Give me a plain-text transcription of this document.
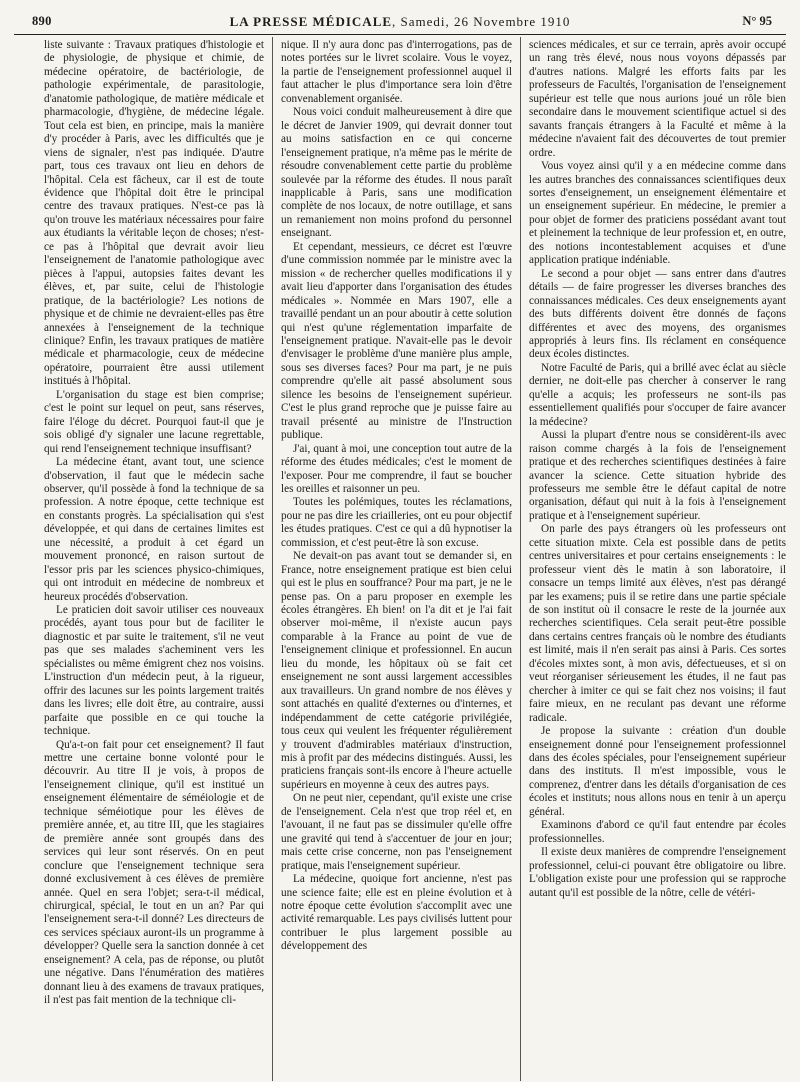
890	LA PRESSE MÉDICALE, Samedi, 26 Novembre 1910	N° 95

liste suivante : Travaux pratiques d'histologie et de physiologie, de physique et chimie, de médecine opératoire, de bactériologie, de pathologie expérimentale, de parasitologie, d'anatomie pathologique, de matière médicale et pharmacologie, d'hygiène, de médecine légale. Tout cela est bien, en principe, mais la manière d'y procéder à Paris, avec les difficultés que je viens de signaler, n'est pas indiquée. D'autre part, tous ces travaux ont lieu en dehors de l'hôpital. Cela est fâcheux, car il est de toute évidence que l'hôpital doit être le principal centre des travaux pratiques. N'est-ce pas là qu'on trouve les matériaux nécessaires pour faire aux étudiants la véritable leçon de choses; n'est-ce pas à l'hôpital que devrait avoir lieu l'enseignement de l'anatomie pathologique avec pièces à l'appui, autopsies faites devant les élèves, et, par suite, celui de l'histologie pratique, de la bactériologie? Les notions de physique et de chimie ne devraient-elles pas être annexées à l'enseignement de la technique clinique? Enfin, les travaux pratiques de matière médicale et pharmacologie, ceux de médecine opératoire, pourraient être aussi utilement institués à l'hôpital.

L'organisation du stage est bien comprise; c'est le point sur lequel on peut, sans réserves, faire l'éloge du décret. Pourquoi faut-il que je sois obligé d'y signaler une lacune regrettable, qui rend l'enseignement technique insuffisant?

La médecine étant, avant tout, une science d'observation, il faut que le médecin sache observer, qu'il possède à fond la technique de sa profession. A notre époque, cette technique est en constants progrès. La spécialisation qui s'est développée, et qui dans de certaines limites est une nécessité, a produit à cet égard un mouvement prononcé, en raison surtout de l'essor pris par les sciences physico-chimiques, qui ont introduit en médecine de nombreux et heureux procédés d'observation.

Le praticien doit savoir utiliser ces nouveaux procédés, ayant tous pour but de faciliter le diagnostic et par suite le traitement, s'il ne veut pas que ses malades s'acheminent vers les spécialistes ou même émigrent chez nos voisins. L'instruction d'un médecin peut, à la rigueur, offrir des lacunes sur les points largement traités dans les livres; elle doit être, au contraire, aussi parfaite que possible en ce qui touche la technique.

Qu'a-t-on fait pour cet enseignement? Il faut mettre une certaine bonne volonté pour le découvrir. Au titre II je vois, à propos de l'enseignement clinique, qu'il est institué un enseignement élémentaire de séméiologie et de technique séméiotique pour les élèves de première année, et, au titre III, que les stagiaires de première année sont groupés dans des services qui leur sont réservés. On en peut conclure que l'enseignement technique sera donné exclusivement à ces élèves de première année. Quel en sera l'objet; sera-t-il médical, chirurgical, spécial, le tout en un an? Par qui l'enseignement sera-t-il donné? Les directeurs de ces services spéciaux auront-ils un programme à développer? Quelle sera la sanction donnée à cet enseignement? A cela, pas de réponse, ou plutôt une négative. Dans l'énumération des matières donnant lieu à des examens de travaux pratiques, il n'est pas fait mention de la technique cli-

nique. Il n'y aura donc pas d'interrogations, pas de notes portées sur le livret scolaire. Vous le voyez, la partie de l'enseignement professionnel auquel il faut attacher le plus d'importance sera loin d'être convenablement organisée.

Nous voici conduit malheureusement à dire que le décret de Janvier 1909, qui devrait donner tout au moins satisfaction en ce qui concerne l'enseignement pratique, n'a même pas le mérite de résoudre convenablement cette partie du problème soulevée par la réforme des études. Il nous paraît inapplicable à Paris, sans une modification complète de nos locaux, de notre outillage, et sans un remaniement non moins profond du personnel enseignant.

Et cependant, messieurs, ce décret est l'œuvre d'une commission nommée par le ministre avec la mission « de rechercher quelles modifications il y avait lieu d'apporter dans l'organisation des études médicales ». Nommée en Mars 1907, elle a travaillé pendant un an pour aboutir à cette solution qui n'est qu'une réglementation imparfaite de l'enseignement pratique. N'avait-elle pas le devoir d'envisager le problème d'une manière plus ample, sous ses diverses faces? Pour ma part, je ne puis comprendre qu'elle ait passé absolument sous silence les besoins de l'enseignement supérieur. C'est le plus grand reproche que je puisse faire au travail présenté au ministre de l'Instruction publique.

J'ai, quant à moi, une conception tout autre de la réforme des études médicales; c'est le moment de l'exposer. Pour me comprendre, il faut se boucher les oreilles et raisonner un peu.

Toutes les polémiques, toutes les réclamations, pour ne pas dire les criailleries, ont eu pour objectif les études pratiques. C'est ce qui a dû hypnotiser la commission, et c'est peut-être là son excuse.

Ne devait-on pas avant tout se demander si, en France, notre enseignement pratique est bien celui qui est le plus en souffrance? Pour ma part, je ne le pense pas. On a paru proposer en exemple les écoles étrangères. Eh bien! on l'a dit et je l'ai fait observer moi-même, il n'existe aucun pays comparable à la France au point de vue de l'enseignement clinique et professionnel. En aucun lieu du monde, les hôpitaux où se fait cet enseignement ne sont aussi largement accessibles aux travailleurs. Un grand nombre de nos élèves y sont attachés en qualité d'externes ou d'internes, et indépendamment de cette catégorie privilégiée, tous ceux qui veulent les fréquenter régulièrement y trouvent d'admirables matériaux d'instruction, mis à profit par des médecins distingués. Aussi, les praticiens français sont-ils encore à l'heure actuelle supérieurs en moyenne à ceux des autres pays.

On ne peut nier, cependant, qu'il existe une crise de l'enseignement. Cela n'est que trop réel et, en l'avouant, il ne faut pas se dissimuler qu'elle offre une gravité qui tend à s'accentuer de jour en jour; mais cette crise concerne, non pas l'enseignement pratique, mais l'enseignement supérieur.

La médecine, quoique fort ancienne, n'est pas une science faite; elle est en pleine évolution et à notre époque cette évolution s'accomplit avec une activité remarquable. Les pays civilisés luttent pour contribuer le plus largement possible au développement des

sciences médicales, et sur ce terrain, après avoir occupé un rang très élevé, nous nous voyons dépassés par d'autres nations. Malgré les efforts faits par les professeurs de Facultés, l'organisation de l'enseignement supérieur est telle que nous aurions joué un rôle bien secondaire dans le mouvement scientifique actuel si des savants français étrangers à la Faculté et même à la médecine n'avaient fait des découvertes de tout premier ordre.

Vous voyez ainsi qu'il y a en médecine comme dans les autres branches des connaissances scientifiques deux sortes d'enseignement, un enseignement élémentaire et un enseignement supérieur. En médecine, le premier a pour objet de former des praticiens possédant avant tout et pleinement la technique de leur profession et, en outre, des notions incontestablement acquises et d'une application pratique indéniable.

Le second a pour objet — sans entrer dans d'autres détails — de faire progresser les diverses branches des connaissances médicales. Ces deux enseignements ayant des buts différents doivent être donnés de façons différentes et avec des moyens, des organismes appropriés à leurs fins. Ils réclament en conséquence deux écoles distinctes.

Notre Faculté de Paris, qui a brillé avec éclat au siècle dernier, ne doit-elle pas chercher à conserver le rang qu'elle a acquis; les professeurs ne sont-ils pas essentiellement qualifiés pour s'occuper de faire avancer la médecine?

Aussi la plupart d'entre nous se considèrent-ils avec raison comme chargés à la fois de l'enseignement pratique et des recherches scientifiques destinées à faire avancer la science. Cette situation hybride des professeurs me semble être le défaut capital de notre organisation, défaut qui nuit à la fois à l'enseignement pratique et à l'enseignement supérieur.

On parle des pays étrangers où les professeurs ont cette situation mixte. Cela est possible dans de petits centres universitaires et pour certains enseignements : le professeur vient dès le matin à son laboratoire, il consacre un temps limité aux élèves, n'est pas dérangé par les examens; puis il se retire dans une partie spéciale de son institut où il consacre le reste de la journée aux recherches scientifiques. Cela serait peut-être possible dans certains centres français où le nombre des étudiants est limité, mais il n'en serait pas ainsi à Paris. Ces sortes d'écoles mixtes sont, à mon avis, défectueuses, et si on veut réorganiser sérieusement les études, il ne faut pas chercher à imiter ce qui se fait chez nos voisins; il faut faire mieux, en ne reculant pas devant une réforme radicale.

Je propose la suivante : création d'un double enseignement donné pour l'enseignement professionnel dans des écoles spéciales, pour l'enseignement supérieur dans des instituts. Il m'est impossible, vous le comprenez, d'entrer dans les détails d'organisation de ces écoles et instituts; nous allons nous en tenir à un aperçu général.

Examinons d'abord ce qu'il faut entendre par écoles professionnelles.

Il existe deux manières de comprendre l'enseignement professionnel, celui-ci pouvant être obligatoire ou libre. L'obligation existe pour une profession qui se rapproche autant qu'il est possible de la nôtre, celle de vétéri-
